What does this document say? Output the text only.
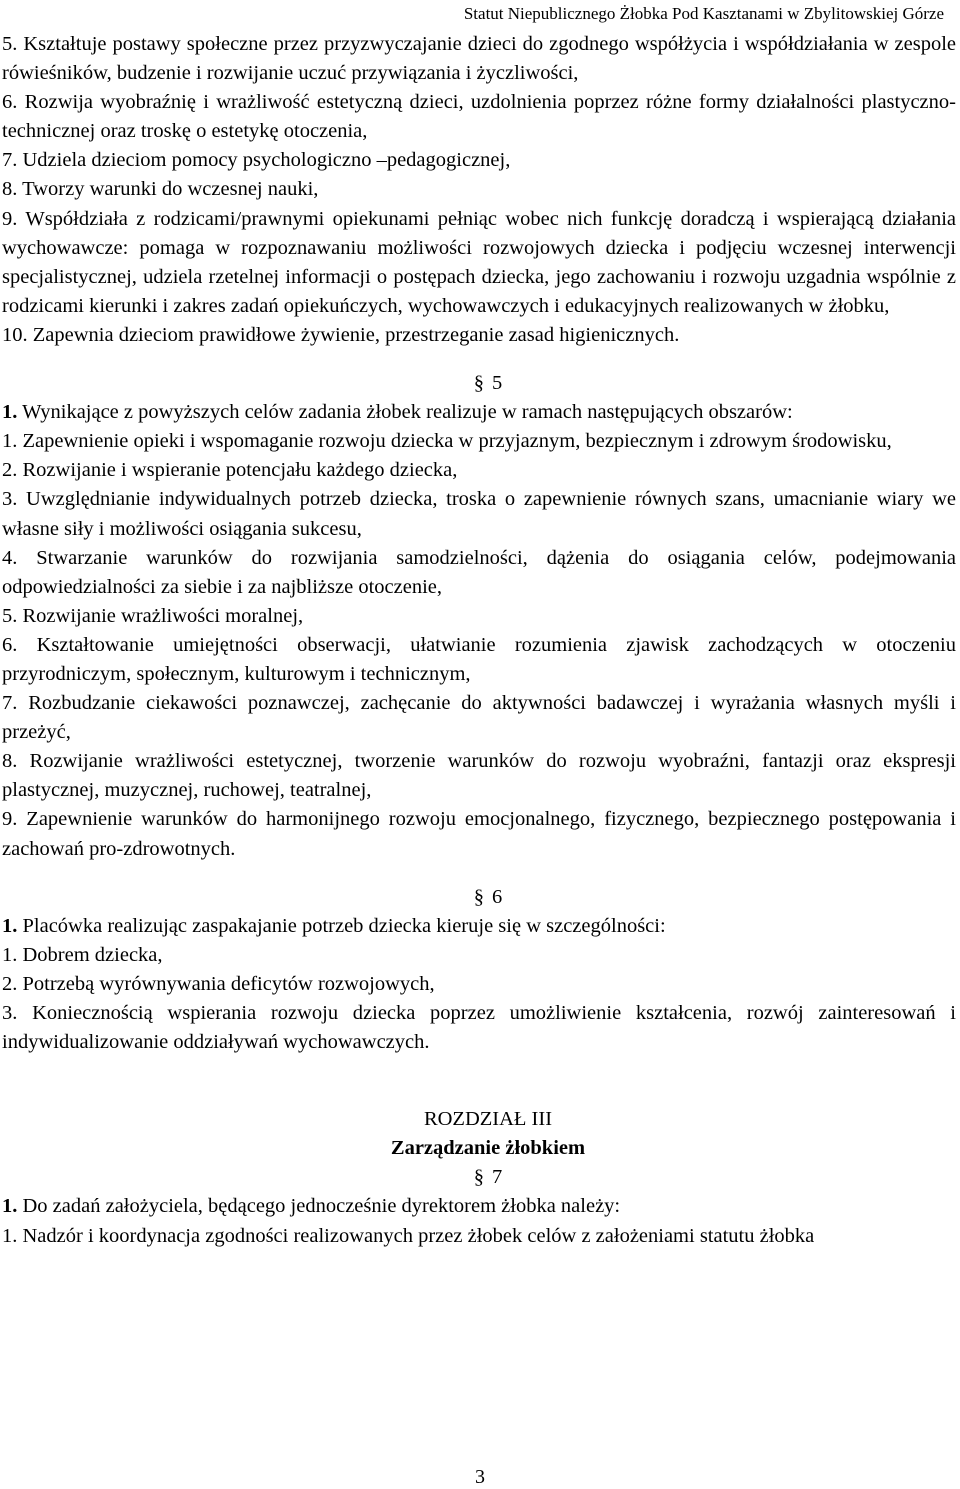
Statut Niepublicznego Żłobka Pod Kasztanami w Zbylitowskiej Górze

5. Kształtuje postawy społeczne przez przyzwyczajanie dzieci do zgodnego współżycia i współdziałania w zespole rówieśników, budzenie i rozwijanie uczuć przywiązania i życzliwości,

6. Rozwija wyobraźnię i wrażliwość estetyczną dzieci, uzdolnienia poprzez różne formy działalności plastyczno- technicznej oraz troskę o estetykę otoczenia,

7. Udziela dzieciom pomocy psychologiczno –pedagogicznej,

8. Tworzy warunki do wczesnej nauki,

9. Współdziała z rodzicami/prawnymi opiekunami pełniąc wobec nich funkcję doradczą i wspierającą działania wychowawcze: pomaga w rozpoznawaniu możliwości rozwojowych dziecka i podjęciu wczesnej interwencji specjalistycznej, udziela rzetelnej informacji o postępach dziecka, jego zachowaniu i rozwoju uzgadnia wspólnie z rodzicami kierunki i zakres zadań opiekuńczych, wychowawczych i edukacyjnych realizowanych w żłobku,

10. Zapewnia dzieciom prawidłowe żywienie, przestrzeganie zasad higienicznych.

§ 5

1. Wynikające z powyższych celów zadania żłobek realizuje w ramach następujących obszarów:

1. Zapewnienie opieki i wspomaganie rozwoju dziecka w przyjaznym, bezpiecznym i zdrowym środowisku,

2. Rozwijanie i wspieranie potencjału każdego dziecka,

3. Uwzględnianie indywidualnych potrzeb dziecka, troska o zapewnienie równych szans, umacnianie wiary we własne siły i możliwości osiągania sukcesu,

4. Stwarzanie warunków do rozwijania samodzielności, dążenia do osiągania celów, podejmowania odpowiedzialności za siebie i za najbliższe otoczenie,

5. Rozwijanie wrażliwości moralnej,

6. Kształtowanie umiejętności obserwacji, ułatwianie rozumienia zjawisk zachodzących w otoczeniu przyrodniczym, społecznym, kulturowym i technicznym,

7. Rozbudzanie ciekawości poznawczej, zachęcanie do aktywności badawczej i wyrażania własnych myśli i przeżyć,

8. Rozwijanie wrażliwości estetycznej, tworzenie warunków do rozwoju wyobraźni, fantazji oraz ekspresji plastycznej, muzycznej, ruchowej, teatralnej,

9. Zapewnienie warunków do harmonijnego rozwoju emocjonalnego, fizycznego, bezpiecznego postępowania i zachowań pro-zdrowotnych.

§ 6

1. Placówka realizując zaspakajanie potrzeb dziecka kieruje się w szczególności:

1. Dobrem dziecka,

2. Potrzebą wyrównywania deficytów rozwojowych,

3. Koniecznością wspierania rozwoju dziecka poprzez umożliwienie kształcenia, rozwój zainteresowań i indywidualizowanie oddziaływań wychowawczych.

ROZDZIAŁ III

Zarządzanie żłobkiem

§ 7

1. Do zadań założyciela, będącego jednocześnie dyrektorem żłobka należy:

1. Nadzór i koordynacja zgodności realizowanych przez żłobek celów z założeniami statutu żłobka

3
